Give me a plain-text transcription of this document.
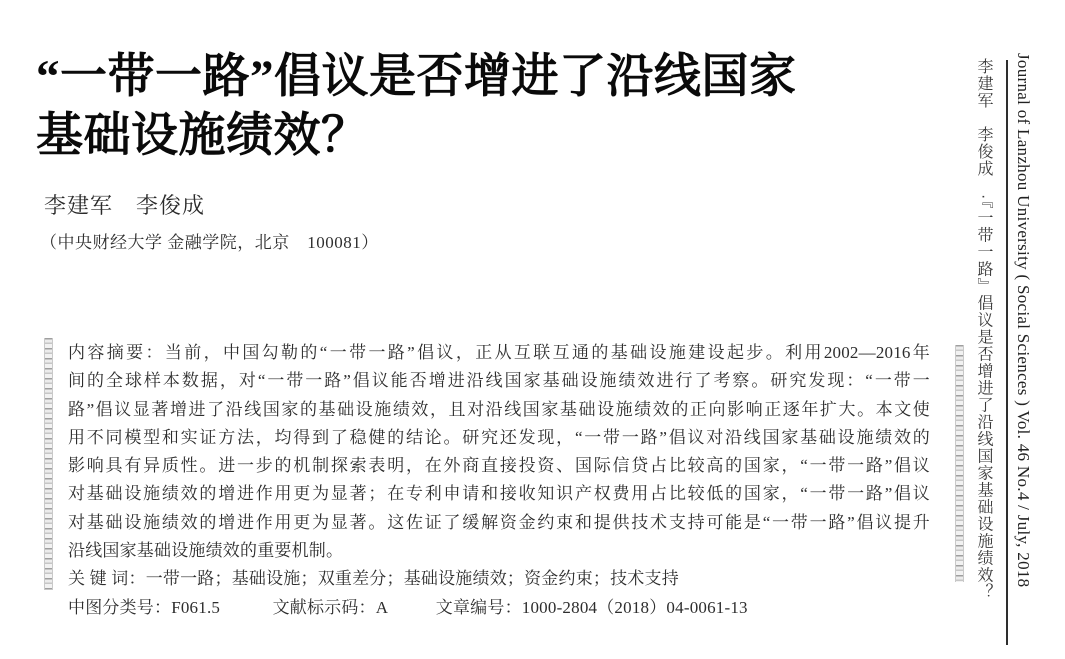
“一带一路”倡议是否增进了沿线国家
基础设施绩效？
李建军　李俊成
（中央财经大学 金融学院，北京　100081）
内容摘要：当前，中国勾勒的“一带一路”倡议，正从互联互通的基础设施建设起步。利用2002—2016年
间的全球样本数据，对“一带一路”倡议能否增进沿线国家基础设施绩效进行了考察。研究发现：“一带一
路”倡议显著增进了沿线国家的基础设施绩效，且对沿线国家基础设施绩效的正向影响正逐年扩大。本文使
用不同模型和实证方法，均得到了稳健的结论。研究还发现，“一带一路”倡议对沿线国家基础设施绩效的
影响具有异质性。进一步的机制探索表明，在外商直接投资、国际信贷占比较高的国家，“一带一路”倡议
对基础设施绩效的增进作用更为显著；在专利申请和接收知识产权费用占比较低的国家，“一带一路”倡议
对基础设施绩效的增进作用更为显著。这佐证了缓解资金约束和提供技术支持可能是“一带一路”倡议提升
沿线国家基础设施绩效的重要机制。
关 键 词：一带一路；基础设施；双重差分；基础设施绩效；资金约束；技术支持
中图分类号：F061.5	文献标示码：A	文章编号：1000-2804（2018）04-0061-13
李建军　李俊成　·『一带一路』倡议是否增进了沿线国家基础设施绩效？ Journal of Lanzhou University ( Social Sciences ) Vol. 46 No.4 / July, 2018
